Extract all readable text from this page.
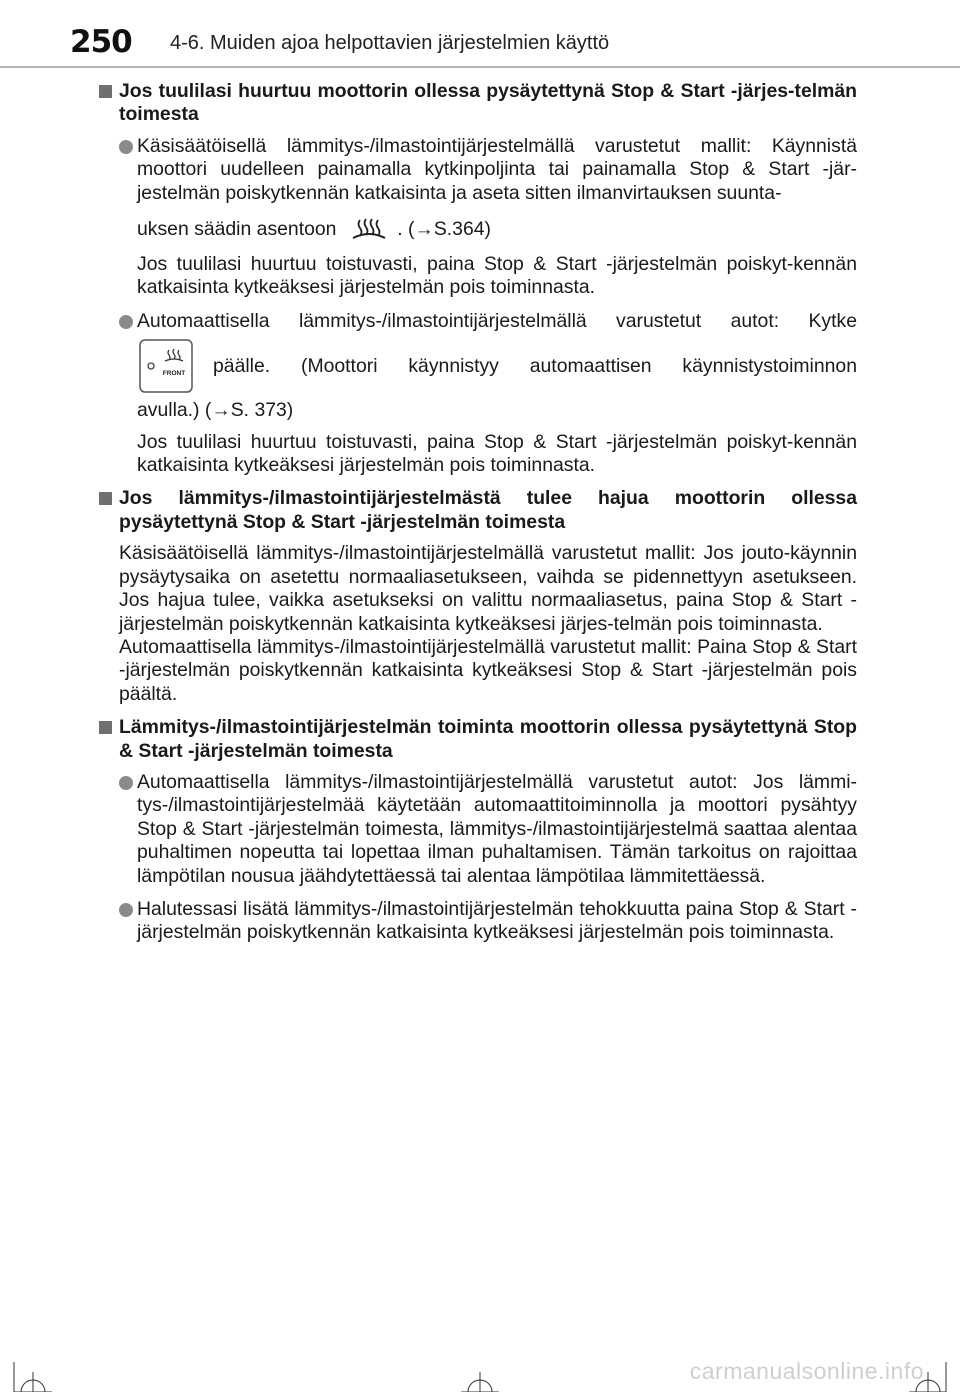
250 4-6. Muiden ajoa helpottavien järjestelmien käyttö
Jos tuulilasi huurtuu moottorin ollessa pysäytettynä Stop & Start -järjes-telmän toimesta

Käsisäätöisellä lämmitys-/ilmastointijärjestelmällä varustetut mallit: Käynnistä moottori uudelleen painamalla kytkinpoljinta tai painamalla Stop & Start -jär-jestelmän poiskytkennän katkaisinta ja aseta sitten ilmanvirtauksen suunta-

uksen säädin asentoon	. (→S.364)

Jos tuulilasi huurtuu toistuvasti, paina Stop & Start -järjestelmän poiskyt-kennän katkaisinta kytkeäksesi järjestelmän pois toiminnasta.

Automaattisella lämmitys-/ilmastointijärjestelmällä varustetut autot: Kytke

FRONT päälle. (Moottori käynnistyy automaattisen käynnistystoiminnon

avulla.) (→S. 373)

Jos tuulilasi huurtuu toistuvasti, paina Stop & Start -järjestelmän poiskyt-kennän katkaisinta kytkeäksesi järjestelmän pois toiminnasta.

Jos lämmitys-/ilmastointijärjestelmästä tulee hajua moottorin ollessa pysäytettynä Stop & Start -järjestelmän toimesta

Käsisäätöisellä lämmitys-/ilmastointijärjestelmällä varustetut mallit: Jos jouto-käynnin pysäytysaika on asetettu normaaliasetukseen, vaihda se pidennettyyn asetukseen. Jos hajua tulee, vaikka asetukseksi on valittu normaaliasetus, paina Stop & Start -järjestelmän poiskytkennän katkaisinta kytkeäksesi järjes-telmän pois toiminnasta.

Automaattisella lämmitys-/ilmastointijärjestelmällä varustetut mallit: Paina Stop & Start -järjestelmän poiskytkennän katkaisinta kytkeäksesi Stop & Start -järjestelmän pois päältä.

Lämmitys-/ilmastointijärjestelmän toiminta moottorin ollessa pysäytettynä Stop & Start -järjestelmän toimesta

Automaattisella lämmitys-/ilmastointijärjestelmällä varustetut autot: Jos lämmi-tys-/ilmastointijärjestelmää käytetään automaattitoiminnolla ja moottori pysähtyy Stop & Start -järjestelmän toimesta, lämmitys-/ilmastointijärjestelmä saattaa alentaa puhaltimen nopeutta tai lopettaa ilman puhaltamisen. Tämän tarkoitus on rajoittaa lämpötilan nousua jäähdytettäessä tai alentaa lämpötilaa lämmitettäessä.

Halutessasi lisätä lämmitys-/ilmastointijärjestelmän tehokkuutta paina Stop & Start -järjestelmän poiskytkennän katkaisinta kytkeäksesi järjestelmän pois toiminnasta.

carmanualsonline.info
